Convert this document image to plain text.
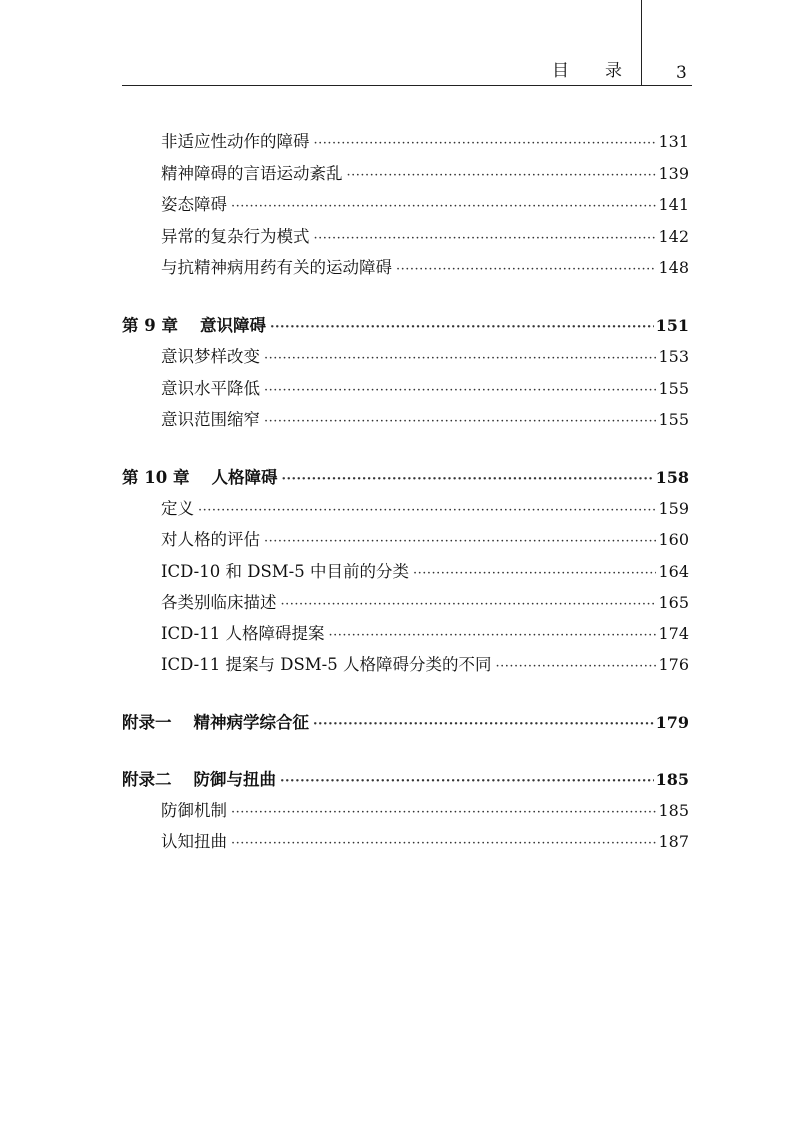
目录 3
非适应性动作的障碍 ·····	131
精神障碍的言语运动紊乱 ·····	139
姿态障碍 ·····	141
异常的复杂行为模式 ·····	142
与抗精神病用药有关的运动障碍 ·····	148
第 9 章 意识障碍 ·····	151
意识梦样改变 ·····	153
意识水平降低 ·····	155
意识范围缩窄 ·····	155
第 10 章 人格障碍 ·····	158
定义 ·····	159
对人格的评估 ·····	160
ICD-10 和 DSM-5 中目前的分类 ·····	164
各类别临床描述 ·····	165
ICD-11 人格障碍提案 ·····	174
ICD-11 提案与 DSM-5 人格障碍分类的不同 ·····	176
附录一 精神病学综合征 ·····	179
附录二 防御与扭曲 ·····	185
防御机制 ·····	185
认知扭曲 ·····	187
